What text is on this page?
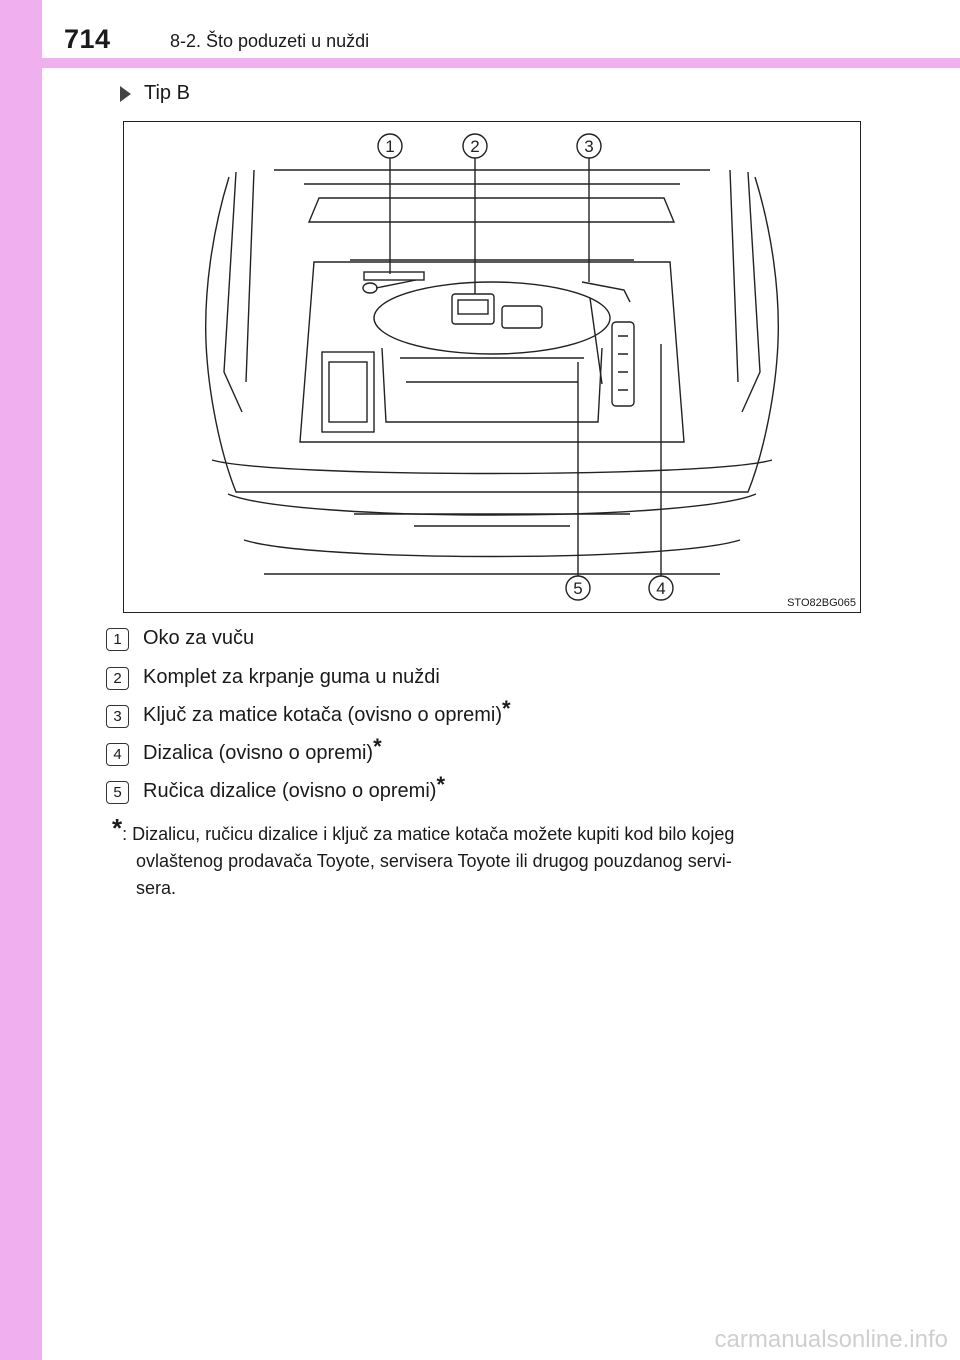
714	8-2. Što poduzeti u nuždi
Tip B
1	2	3
4
5
STO82BG065
1	Oko za vuču
2	Komplet za krpanje guma u nuždi
3	Ključ za matice kotača (ovisno o opremi) *
4	Dizalica (ovisno o opremi) *
5	Ručica dizalice (ovisno o opremi) *
*: Dizalicu, ručicu dizalice i ključ za matice kotača možete kupiti kod bilo kojeg
ovlaštenog prodavača Toyote, servisera Toyote ili drugog pouzdanog servi-
sera.
carmanualsonline.info
